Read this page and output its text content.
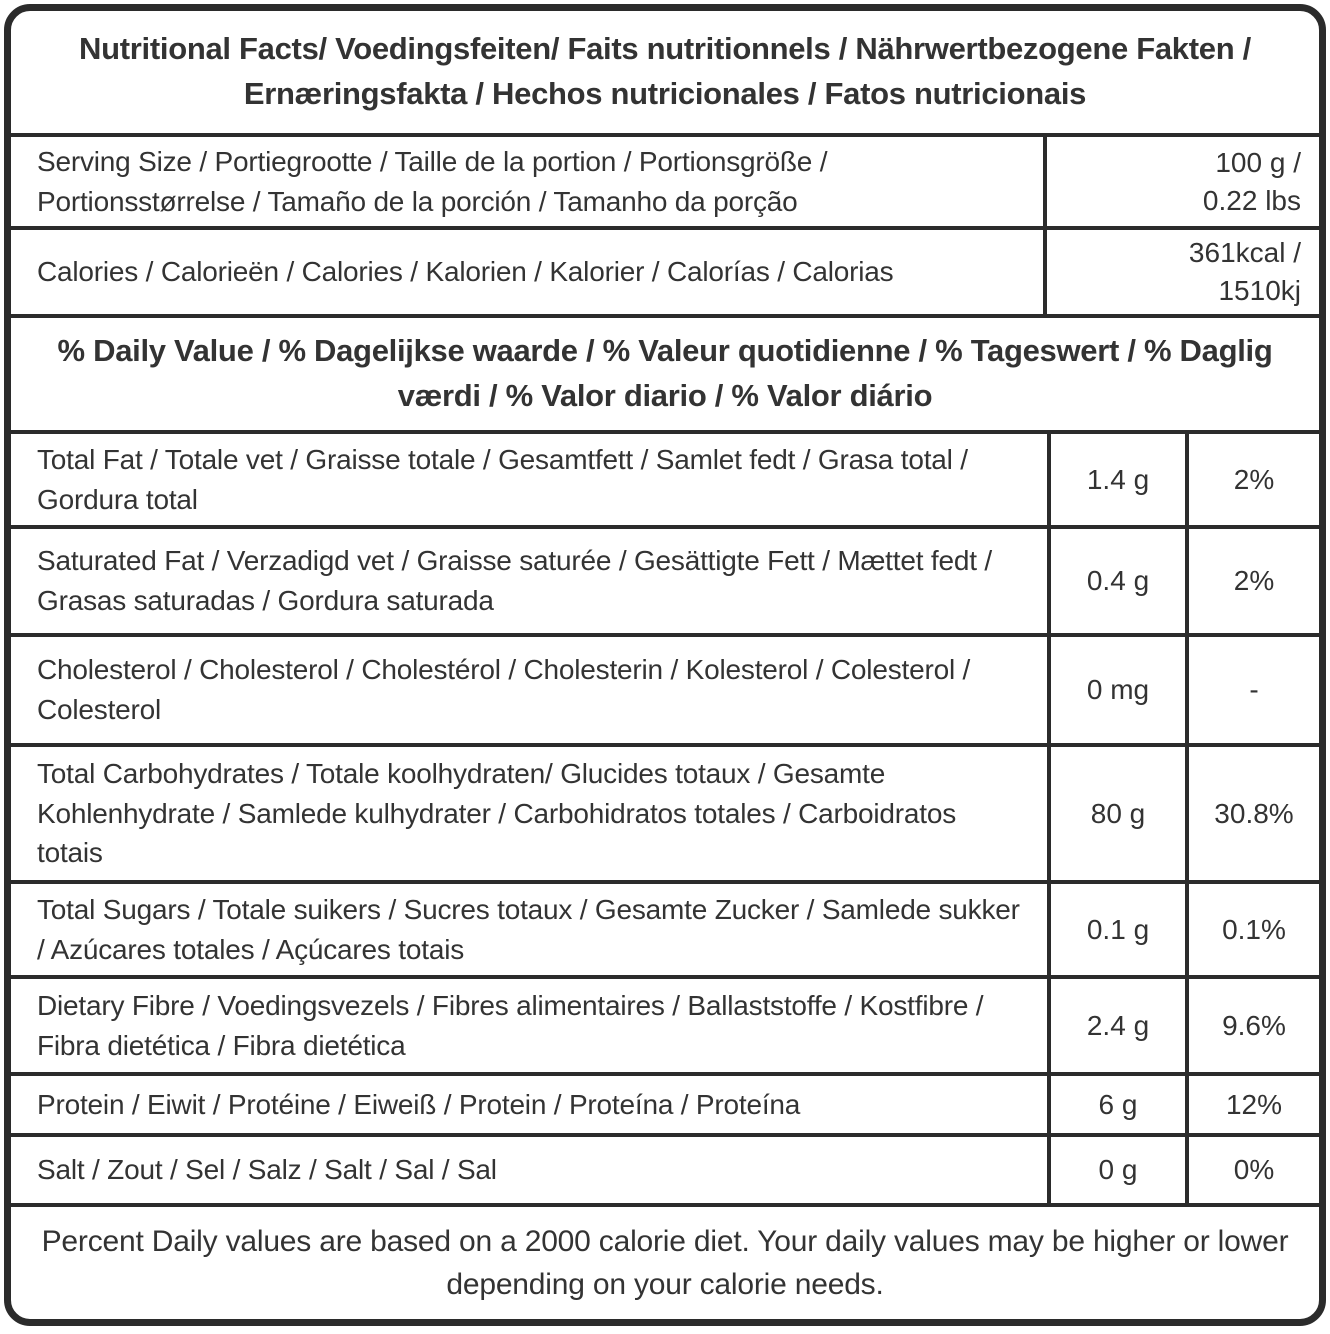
Nutritional Facts/ Voedingsfeiten/ Faits nutritionnels / Nährwertbezogene Fakten / Ernæringsfakta / Hechos nutricionales / Fatos nutricionais
Serving Size / Portiegrootte / Taille de la portion / Portionsgröße / Portionsstørrelse / Tamaño de la porción / Tamanho da porção
100 g /
0.22 lbs
Calories / Calorieën / Calories / Kalorien / Kalorier / Calorías / Calorias
361kcal /
1510kj
% Daily Value / % Dagelijkse waarde / % Valeur quotidienne / % Tageswert / % Daglig værdi / % Valor diario / % Valor diário
Total Fat / Totale vet / Graisse totale / Gesamtfett / Samlet fedt / Grasa total / Gordura total
1.4 g	2%
Saturated Fat / Verzadigd vet / Graisse saturée / Gesättigte Fett / Mættet fedt / Grasas saturadas / Gordura saturada
0.4 g	2%
Cholesterol / Cholesterol / Cholestérol / Cholesterin / Kolesterol / Colesterol / Colesterol
0 mg	-
Total Carbohydrates / Totale koolhydraten/ Glucides totaux / Gesamte Kohlenhydrate / Samlede kulhydrater / Carbohidratos totales / Carboidratos totais
80 g	30.8%
Total Sugars / Totale suikers / Sucres totaux / Gesamte Zucker / Samlede sukker / Azúcares totales / Açúcares totais
0.1 g	0.1%
Dietary Fibre / Voedingsvezels / Fibres alimentaires / Ballaststoffe / Kostfibre / Fibra dietética / Fibra dietética
2.4 g	9.6%
Protein / Eiwit / Protéine / Eiweiß / Protein / Proteína / Proteína	6 g	12%
Salt / Zout / Sel / Salz / Salt / Sal / Sal	0 g	0%
Percent Daily values are based on a 2000 calorie diet. Your daily values may be higher or lower depending on your calorie needs.
